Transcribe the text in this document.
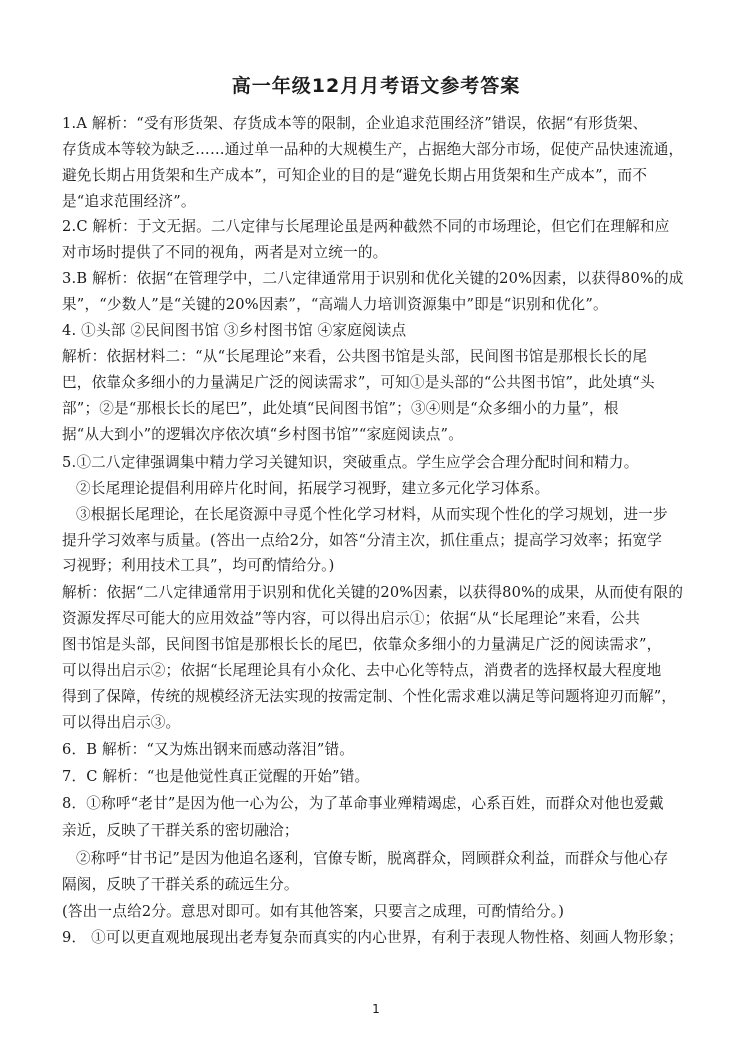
高一年级12月月考语文参考答案
1.A 解析：“受有形货架、存货成本等的限制，企业追求范围经济”错误，依据“有形货架、
存货成本等较为缺乏……通过单一品种的大规模生产，占据绝大部分市场，促使产品快速流通，
避免长期占用货架和生产成本”，可知企业的目的是“避免长期占用货架和生产成本”，而不
是“追求范围经济”。
2.C 解析：于文无据。二八定律与长尾理论虽是两种截然不同的市场理论，但它们在理解和应
对市场时提供了不同的视角，两者是对立统一的。
3.B 解析：依据“在管理学中，二八定律通常用于识别和优化关键的20%因素，以获得80%的成
果”，“少数人”是“关键的20%因素”，“高端人力培训资源集中”即是“识别和优化”。
4. ①头部 ②民间图书馆 ③乡村图书馆 ④家庭阅读点
解析：依据材料二：“从“长尾理论”来看，公共图书馆是头部，民间图书馆是那根长长的尾
巴，依靠众多细小的力量满足广泛的阅读需求”，可知①是头部的“公共图书馆”，此处填“头
部”；②是“那根长长的尾巴”，此处填“民间图书馆”；③④则是“众多细小的力量”，根
据“从大到小”的逻辑次序依次填“乡村图书馆”“家庭阅读点”。
5.①二八定律强调集中精力学习关键知识，突破重点。学生应学会合理分配时间和精力。
②长尾理论提倡利用碎片化时间，拓展学习视野，建立多元化学习体系。
③根据长尾理论，在长尾资源中寻觅个性化学习材料，从而实现个性化的学习规划，进一步
提升学习效率与质量。(答出一点给2分，如答“分清主次，抓住重点；提高学习效率；拓宽学
习视野；利用技术工具”，均可酌情给分。)
解析：依据“二八定律通常用于识别和优化关键的20%因素，以获得80%的成果，从而使有限的
资源发挥尽可能大的应用效益”等内容，可以得出启示①；依据“从“长尾理论”来看，公共
图书馆是头部，民间图书馆是那根长长的尾巴，依靠众多细小的力量满足广泛的阅读需求”，
可以得出启示②；依据“长尾理论具有小众化、去中心化等特点，消费者的选择权最大程度地
得到了保障，传统的规模经济无法实现的按需定制、个性化需求难以满足等问题将迎刃而解”，
可以得出启示③。
6．B 解析：“又为炼出钢来而感动落泪”错。
7．C 解析：“也是他觉性真正觉醒的开始”错。
8．①称呼“老甘”是因为他一心为公，为了革命事业殚精竭虑，心系百姓，而群众对他也爱戴
亲近，反映了干群关系的密切融洽；
②称呼“甘书记”是因为他追名逐利，官僚专断，脱离群众，罔顾群众利益，而群众与他心存
隔阂，反映了干群关系的疏远生分。
(答出一点给2分。意思对即可。如有其他答案，只要言之成理，可酌情给分。)
9． ①可以更直观地展现出老寿复杂而真实的内心世界，有利于表现人物性格、刻画人物形象；
1
